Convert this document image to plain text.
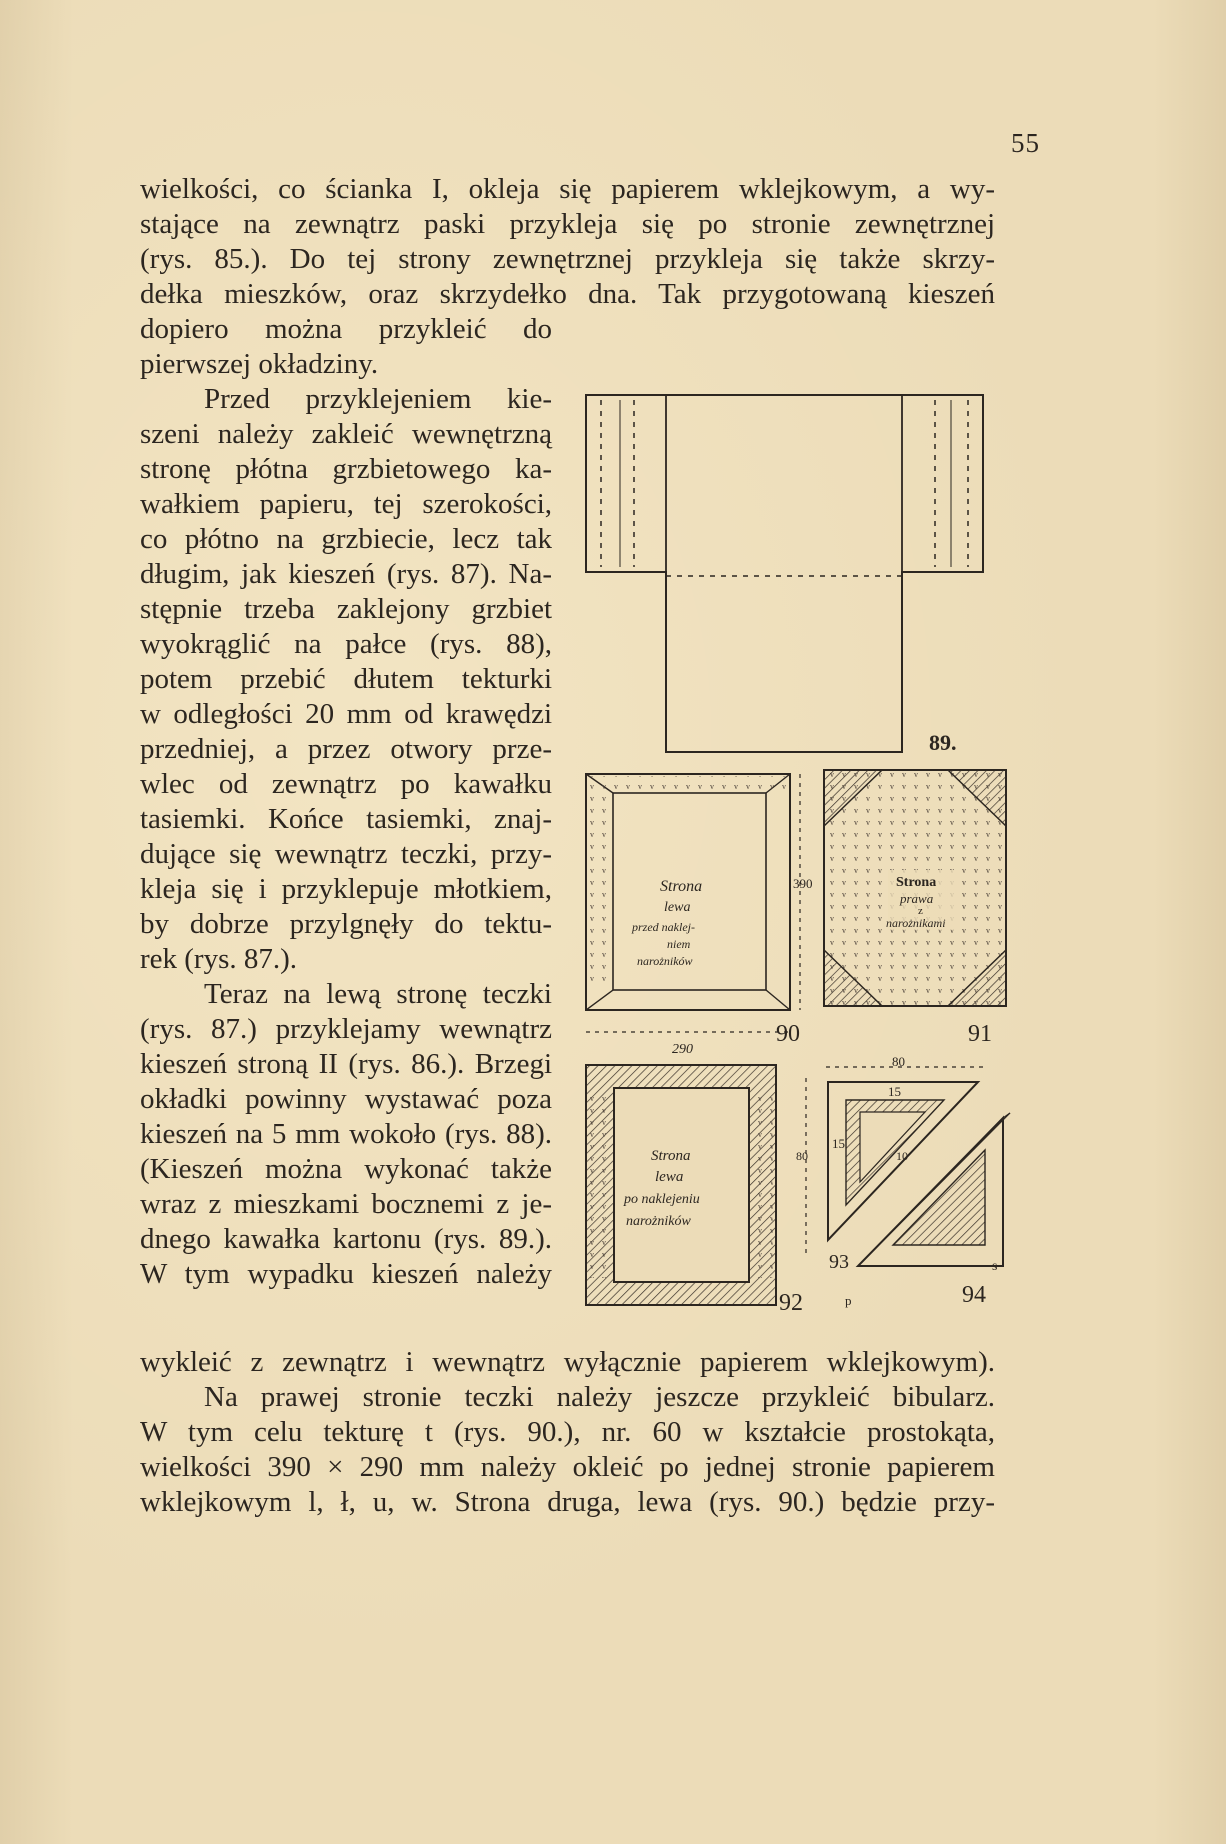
55
wielkości, co ścianka I, okleja się papierem wklejkowym, a wy-
stające na zewnątrz paski przykleja się po stronie zewnętrznej
(rys. 85.). Do tej strony zewnętrznej przykleja się także skrzy-
dełka mieszków, oraz skrzydełko dna. Tak przygotowaną kieszeń
dopiero można przykleić do
pierwszej okładziny.
Przed przyklejeniem kie-
szeni należy zakleić wewnętrzną
stronę płótna grzbietowego ka-
wałkiem papieru, tej szerokości,
co płótno na grzbiecie, lecz tak
długim, jak kieszeń (rys. 87). Na-
stępnie trzeba zaklejony grzbiet
wyokrąglić na pałce (rys. 88),
potem przebić dłutem tekturki
w odległości 20 mm od krawędzi
przedniej, a przez otwory prze-
wlec od zewnątrz po kawałku
tasiemki. Końce tasiemki, znaj-
dujące się wewnątrz teczki, przy-
kleja się i przyklepuje młotkiem,
by dobrze przylgnęły do tektu-
rek (rys. 87.).
Teraz na lewą stronę teczki
(rys. 87.) przyklejamy wewnątrz
kieszeń stroną II (rys. 86.). Brzegi
okładki powinny wystawać poza
kieszeń na 5 mm wokoło (rys. 88).
(Kieszeń można wykonać także
wraz z mieszkami bocznemi z je-
dnego kawałka kartonu (rys. 89.).
W tym wypadku kieszeń należy
wykleić z zewnątrz i wewnątrz wyłącznie papierem wklejkowym).
Na prawej stronie teczki należy jeszcze przykleić bibularz.
W tym celu tekturę t (rys. 90.), nr. 60 w kształcie prostokąta,
wielkości 390 × 290 mm należy okleić po jednej stronie papierem
wklejkowym l, ł, u, w. Strona druga, lewa (rys. 90.) będzie przy-
89.
Strona
lewa
przed naklej-
niem
narożników
390
290
90
Strona
prawa
z
narożnikami
91
Strona
lewa
po naklejeniu
narożników
92
80
15
15
80	10
s
p
93
94
